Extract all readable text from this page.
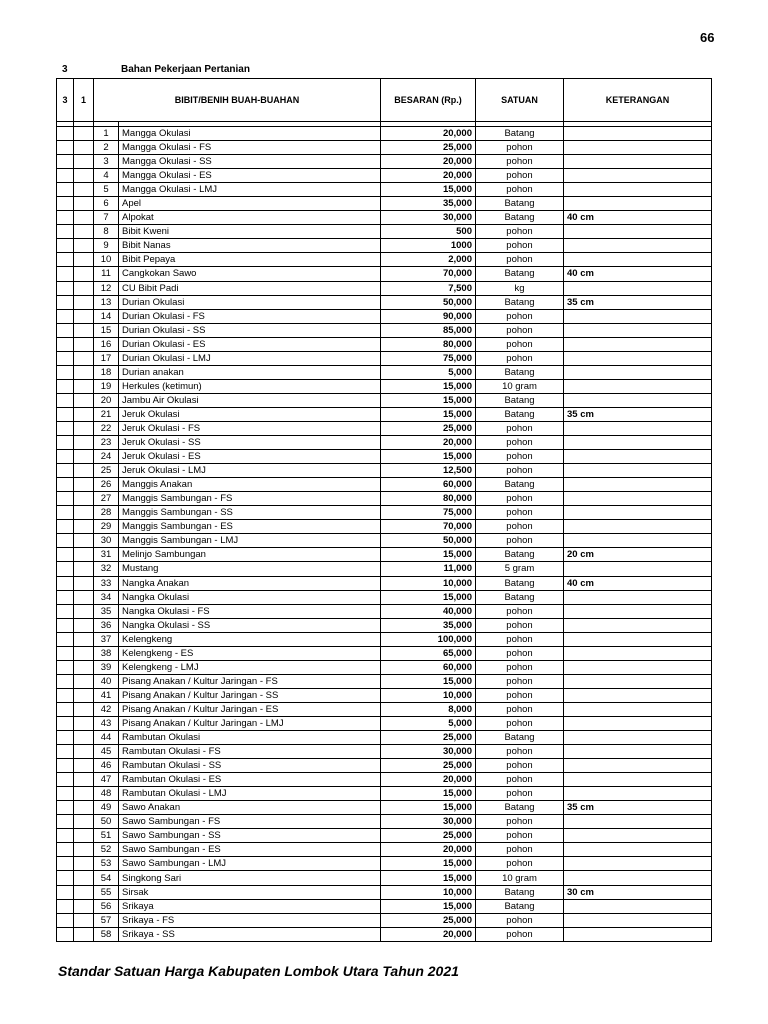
66
3	Bahan Pekerjaan Pertanian
3	1	BIBIT/BENIH BUAH-BUAHAN		BESARAN (Rp.)	SATUAN	KETERANGAN

		1	Mangga Okulasi	20,000	Batang	
		2	Mangga Okulasi - FS	25,000	pohon	
		3	Mangga Okulasi - SS	20,000	pohon	
		4	Mangga Okulasi - ES	20,000	pohon	
		5	Mangga Okulasi - LMJ	15,000	pohon	
		6	Apel	35,000	Batang	
		7	Alpokat	30,000	Batang	40 cm
		8	Bibit Kweni	500	pohon	
		9	Bibit Nanas	1000	pohon	
		10	Bibit Pepaya	2,000	pohon	
		11	Cangkokan Sawo	70,000	Batang	40 cm
		12	CU Bibit Padi	7,500	kg	
		13	Durian Okulasi	50,000	Batang	35 cm
		14	Durian Okulasi - FS	90,000	pohon	
		15	Durian Okulasi - SS	85,000	pohon	
		16	Durian Okulasi - ES	80,000	pohon	
		17	Durian Okulasi - LMJ	75,000	pohon	
		18	Durian anakan	5,000	Batang	
		19	Herkules (ketimun)	15,000	10 gram	
		20	Jambu Air Okulasi	15,000	Batang	
		21	Jeruk Okulasi	15,000	Batang	35 cm
		22	Jeruk Okulasi - FS	25,000	pohon	
		23	Jeruk Okulasi - SS	20,000	pohon	
		24	Jeruk Okulasi - ES	15,000	pohon	
		25	Jeruk Okulasi - LMJ	12,500	pohon	
		26	Manggis Anakan	60,000	Batang	
		27	Manggis Sambungan - FS	80,000	pohon	
		28	Manggis Sambungan - SS	75,000	pohon	
		29	Manggis Sambungan - ES	70,000	pohon	
		30	Manggis Sambungan - LMJ	50,000	pohon	
		31	Melinjo Sambungan	15,000	Batang	20 cm
		32	Mustang	11,000	5 gram	
		33	Nangka Anakan	10,000	Batang	40 cm
		34	Nangka Okulasi	15,000	Batang	
		35	Nangka Okulasi - FS	40,000	pohon	
		36	Nangka Okulasi - SS	35,000	pohon	
		37	Kelengkeng	100,000	pohon	
		38	Kelengkeng - ES	65,000	pohon	
		39	Kelengkeng - LMJ	60,000	pohon	
		40	Pisang Anakan / Kultur Jaringan - FS	15,000	pohon	
		41	Pisang Anakan / Kultur Jaringan - SS	10,000	pohon	
		42	Pisang Anakan / Kultur Jaringan - ES	8,000	pohon	
		43	Pisang Anakan / Kultur Jaringan - LMJ	5,000	pohon	
		44	Rambutan Okulasi	25,000	Batang	
		45	Rambutan Okulasi - FS	30,000	pohon	
		46	Rambutan Okulasi - SS	25,000	pohon	
		47	Rambutan Okulasi - ES	20,000	pohon	
		48	Rambutan Okulasi - LMJ	15,000	pohon	
		49	Sawo Anakan	15,000	Batang	35 cm
		50	Sawo Sambungan - FS	30,000	pohon	
		51	Sawo Sambungan - SS	25,000	pohon	
		52	Sawo Sambungan - ES	20,000	pohon	
		53	Sawo Sambungan - LMJ	15,000	pohon	
		54	Singkong Sari	15,000	10 gram	
		55	Sirsak	10,000	Batang	30 cm
		56	Srikaya	15,000	Batang	
		57	Srikaya - FS	25,000	pohon	
		58	Srikaya - SS	20,000	pohon	
Standar Satuan Harga Kabupaten Lombok Utara Tahun 2021
